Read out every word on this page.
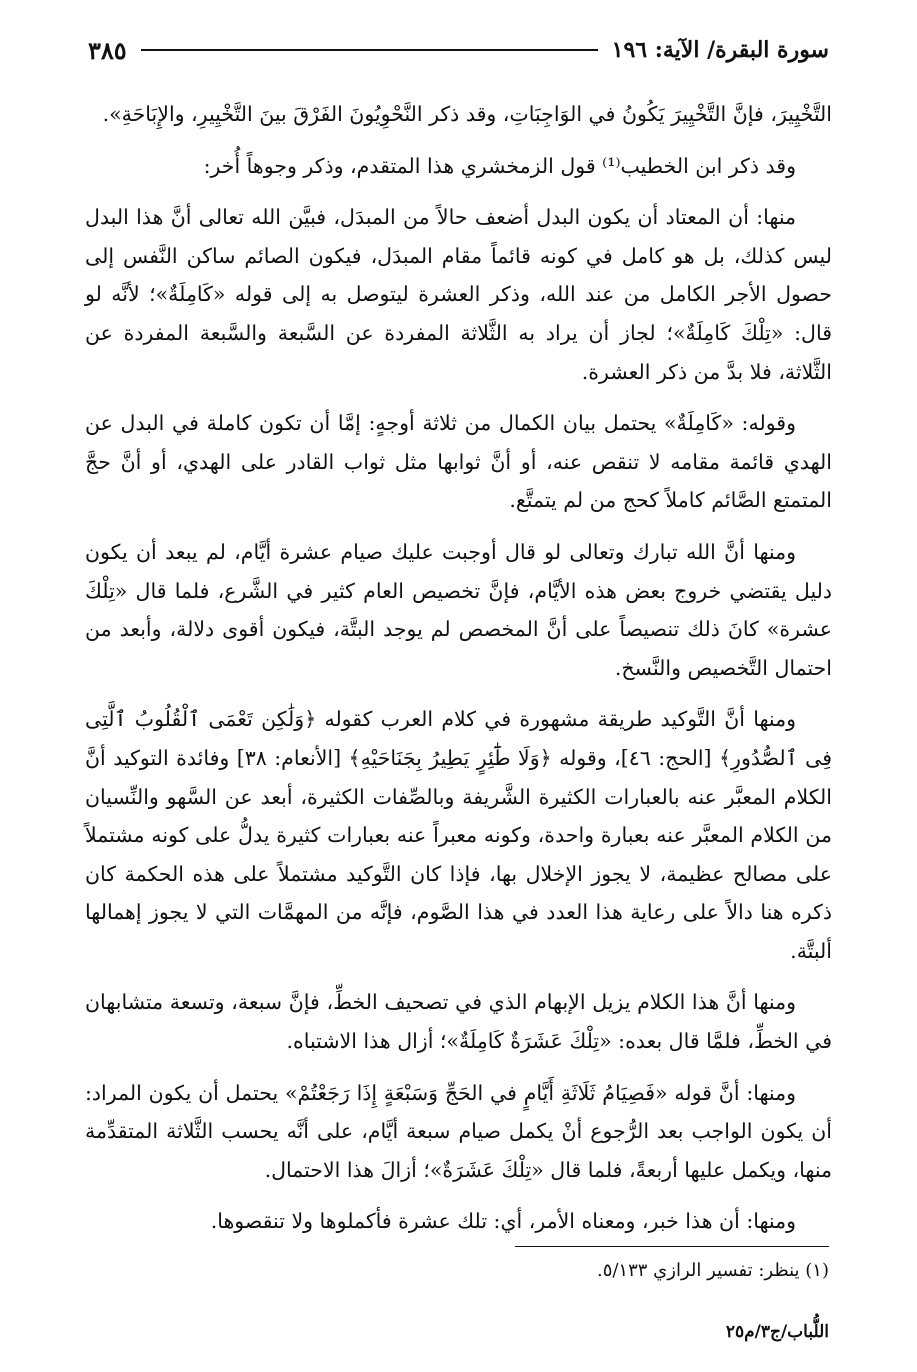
سورة البقرة/ الآية: ١٩٦
٣٨٥

التَّخْيِيرَ، فإنَّ التَّخْيِيرَ يَكُونُ في الوَاجِبَاتِ، وقد ذكر النَّحْوِيُونَ الفَرْقَ بينَ التَّخْيِيرِ، والإِبَاحَةِ».

وقد ذكر ابن الخطيب⁽¹⁾ قول الزمخشري هذا المتقدم، وذكر وجوهاً أُخر:

منها: أن المعتاد أن يكون البدل أضعف حالاً من المبدَل، فبيَّن الله تعالى أنَّ هذا البدل ليس كذلك، بل هو كامل في كونه قائماً مقام المبدَل، فيكون الصائم ساكن النَّفس إلى حصول الأجر الكامل من عند الله، وذكر العشرة ليتوصل به إلى قوله «كَامِلَةٌ»؛ لأنَّه لو قال: «تِلْكَ كَامِلَةٌ»؛ لجاز أن يراد به الثَّلاثة المفردة عن السَّبعة والسَّبعة المفردة عن الثَّلاثة، فلا بدَّ من ذكر العشرة.

وقوله: «كَامِلَةٌ» يحتمل بيان الكمال من ثلاثة أوجهٍ: إمَّا أن تكون كاملة في البدل عن الهدي قائمة مقامه لا تنقص عنه، أو أنَّ ثوابها مثل ثواب القادر على الهدي، أو أنَّ حجَّ المتمتع الصَّائم كاملاً كحج من لم يتمتَّع.

ومنها أنَّ الله تبارك وتعالى لو قال أوجبت عليك صيام عشرة أيَّام، لم يبعد أن يكون دليل يقتضي خروج بعض هذه الأيَّام، فإنَّ تخصيص العام كثير في الشَّرع، فلما قال «تِلْكَ عشرة» كانَ ذلك تنصيصاً على أنَّ المخصص لم يوجد البتَّة، فيكون أقوى دلالة، وأبعد من احتمال التَّخصيص والنَّسخ.

ومنها أنَّ التَّوكيد طريقة مشهورة في كلام العرب كقوله ﴿وَلَٰكِن تَعْمَى ٱلْقُلُوبُ ٱلَّتِى فِى ٱلصُّدُورِ﴾ [الحج: ٤٦]، وقوله ﴿وَلَا طَٰٓئِرٍ يَطِيرُ بِجَنَاحَيْهِ﴾ [الأنعام: ٣٨] وفائدة التوكيد أنَّ الكلام المعبَّر عنه بالعبارات الكثيرة الشَّريفة وبالصِّفات الكثيرة، أبعد عن السَّهو والنِّسيان من الكلام المعبَّر عنه بعبارة واحدة، وكونه معبراً عنه بعبارات كثيرة يدلُّ على كونه مشتملاً على مصالح عظيمة، لا يجوز الإخلال بها، فإذا كان التَّوكيد مشتملاً على هذه الحكمة كان ذكره هنا دالاً على رعاية هذا العدد في هذا الصَّوم، فإنَّه من المهمَّات التي لا يجوز إهمالها ألبتَّة.

ومنها أنَّ هذا الكلام يزيل الإبهام الذي في تصحيف الخطِّ، فإنَّ سبعة، وتسعة متشابهان في الخطِّ، فلمَّا قال بعده: «تِلْكَ عَشَرَةٌ كَامِلَةٌ»؛ أزال هذا الاشتباه.

ومنها: أنَّ قوله «فَصِيَامُ ثَلَاثَةِ أَيَّامٍ في الحَجِّ وَسَبْعَةٍ إِذَا رَجَعْتُمْ» يحتمل أن يكون المراد: أن يكون الواجب بعد الرُّجوع أنْ يكمل صيام سبعة أيَّام، على أنَّه يحسب الثَّلاثة المتقدِّمة منها، ويكمل عليها أربعةً، فلما قال «تِلْكَ عَشَرَةٌ»؛ أزالَ هذا الاحتمال.

ومنها: أن هذا خبر، ومعناه الأمر، أي: تلك عشرة فأكملوها ولا تنقصوها.

(١) ينظر: تفسير الرازي ٥/١٣٣.
اللُّباب/ج٣/م٢٥
